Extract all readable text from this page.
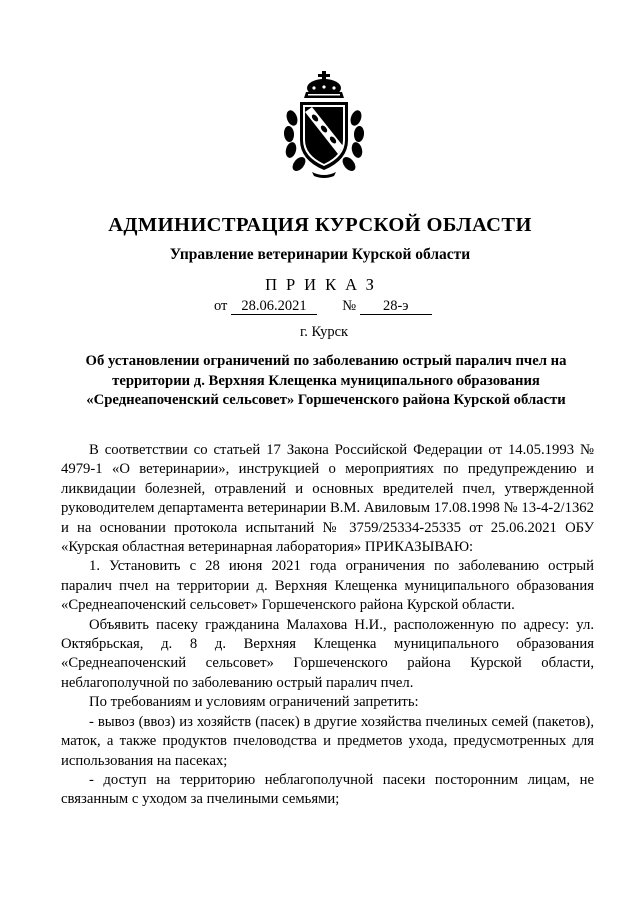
АДМИНИСТРАЦИЯ КУРСКОЙ ОБЛАСТИ
Управление ветеринарии Курской области
ПРИКАЗ
от 28.06.2021 № 28-э
г. Курск
Об установлении ограничений по заболеванию острый паралич пчел на территории д. Верхняя Клещенка муниципального образования «Среднеапоченский сельсовет» Горшеченского района Курской области

В соответствии со статьей 17 Закона Российской Федерации от 14.05.1993 № 4979-1 «О ветеринарии», инструкцией о мероприятиях по предупреждению и ликвидации болезней, отравлений и основных вредителей пчел, утвержденной руководителем департамента ветеринарии В.М. Авиловым 17.08.1998 № 13-4-2/1362 и на основании протокола испытаний № 3759/25334-25335 от 25.06.2021 ОБУ «Курская областная ветеринарная лаборатория» ПРИКАЗЫВАЮ:

1. Установить с 28 июня 2021 года ограничения по заболеванию острый паралич пчел на территории д. Верхняя Клещенка муниципального образования «Среднеапоченский сельсовет» Горшеченского района Курской области.

Объявить пасеку гражданина Малахова Н.И., расположенную по адресу: ул. Октябрьская, д. 8 д. Верхняя Клещенка муниципального образования «Среднеапоченский сельсовет» Горшеченского района Курской области, неблагополучной по заболеванию острый паралич пчел.

По требованиям и условиям ограничений запретить:

- вывоз (ввоз) из хозяйств (пасек) в другие хозяйства пчелиных семей (пакетов), маток, а также продуктов пчеловодства и предметов ухода, предусмотренных для использования на пасеках;

- доступ на территорию неблагополучной пасеки посторонним лицам, не связанным с уходом за пчелиными семьями;
